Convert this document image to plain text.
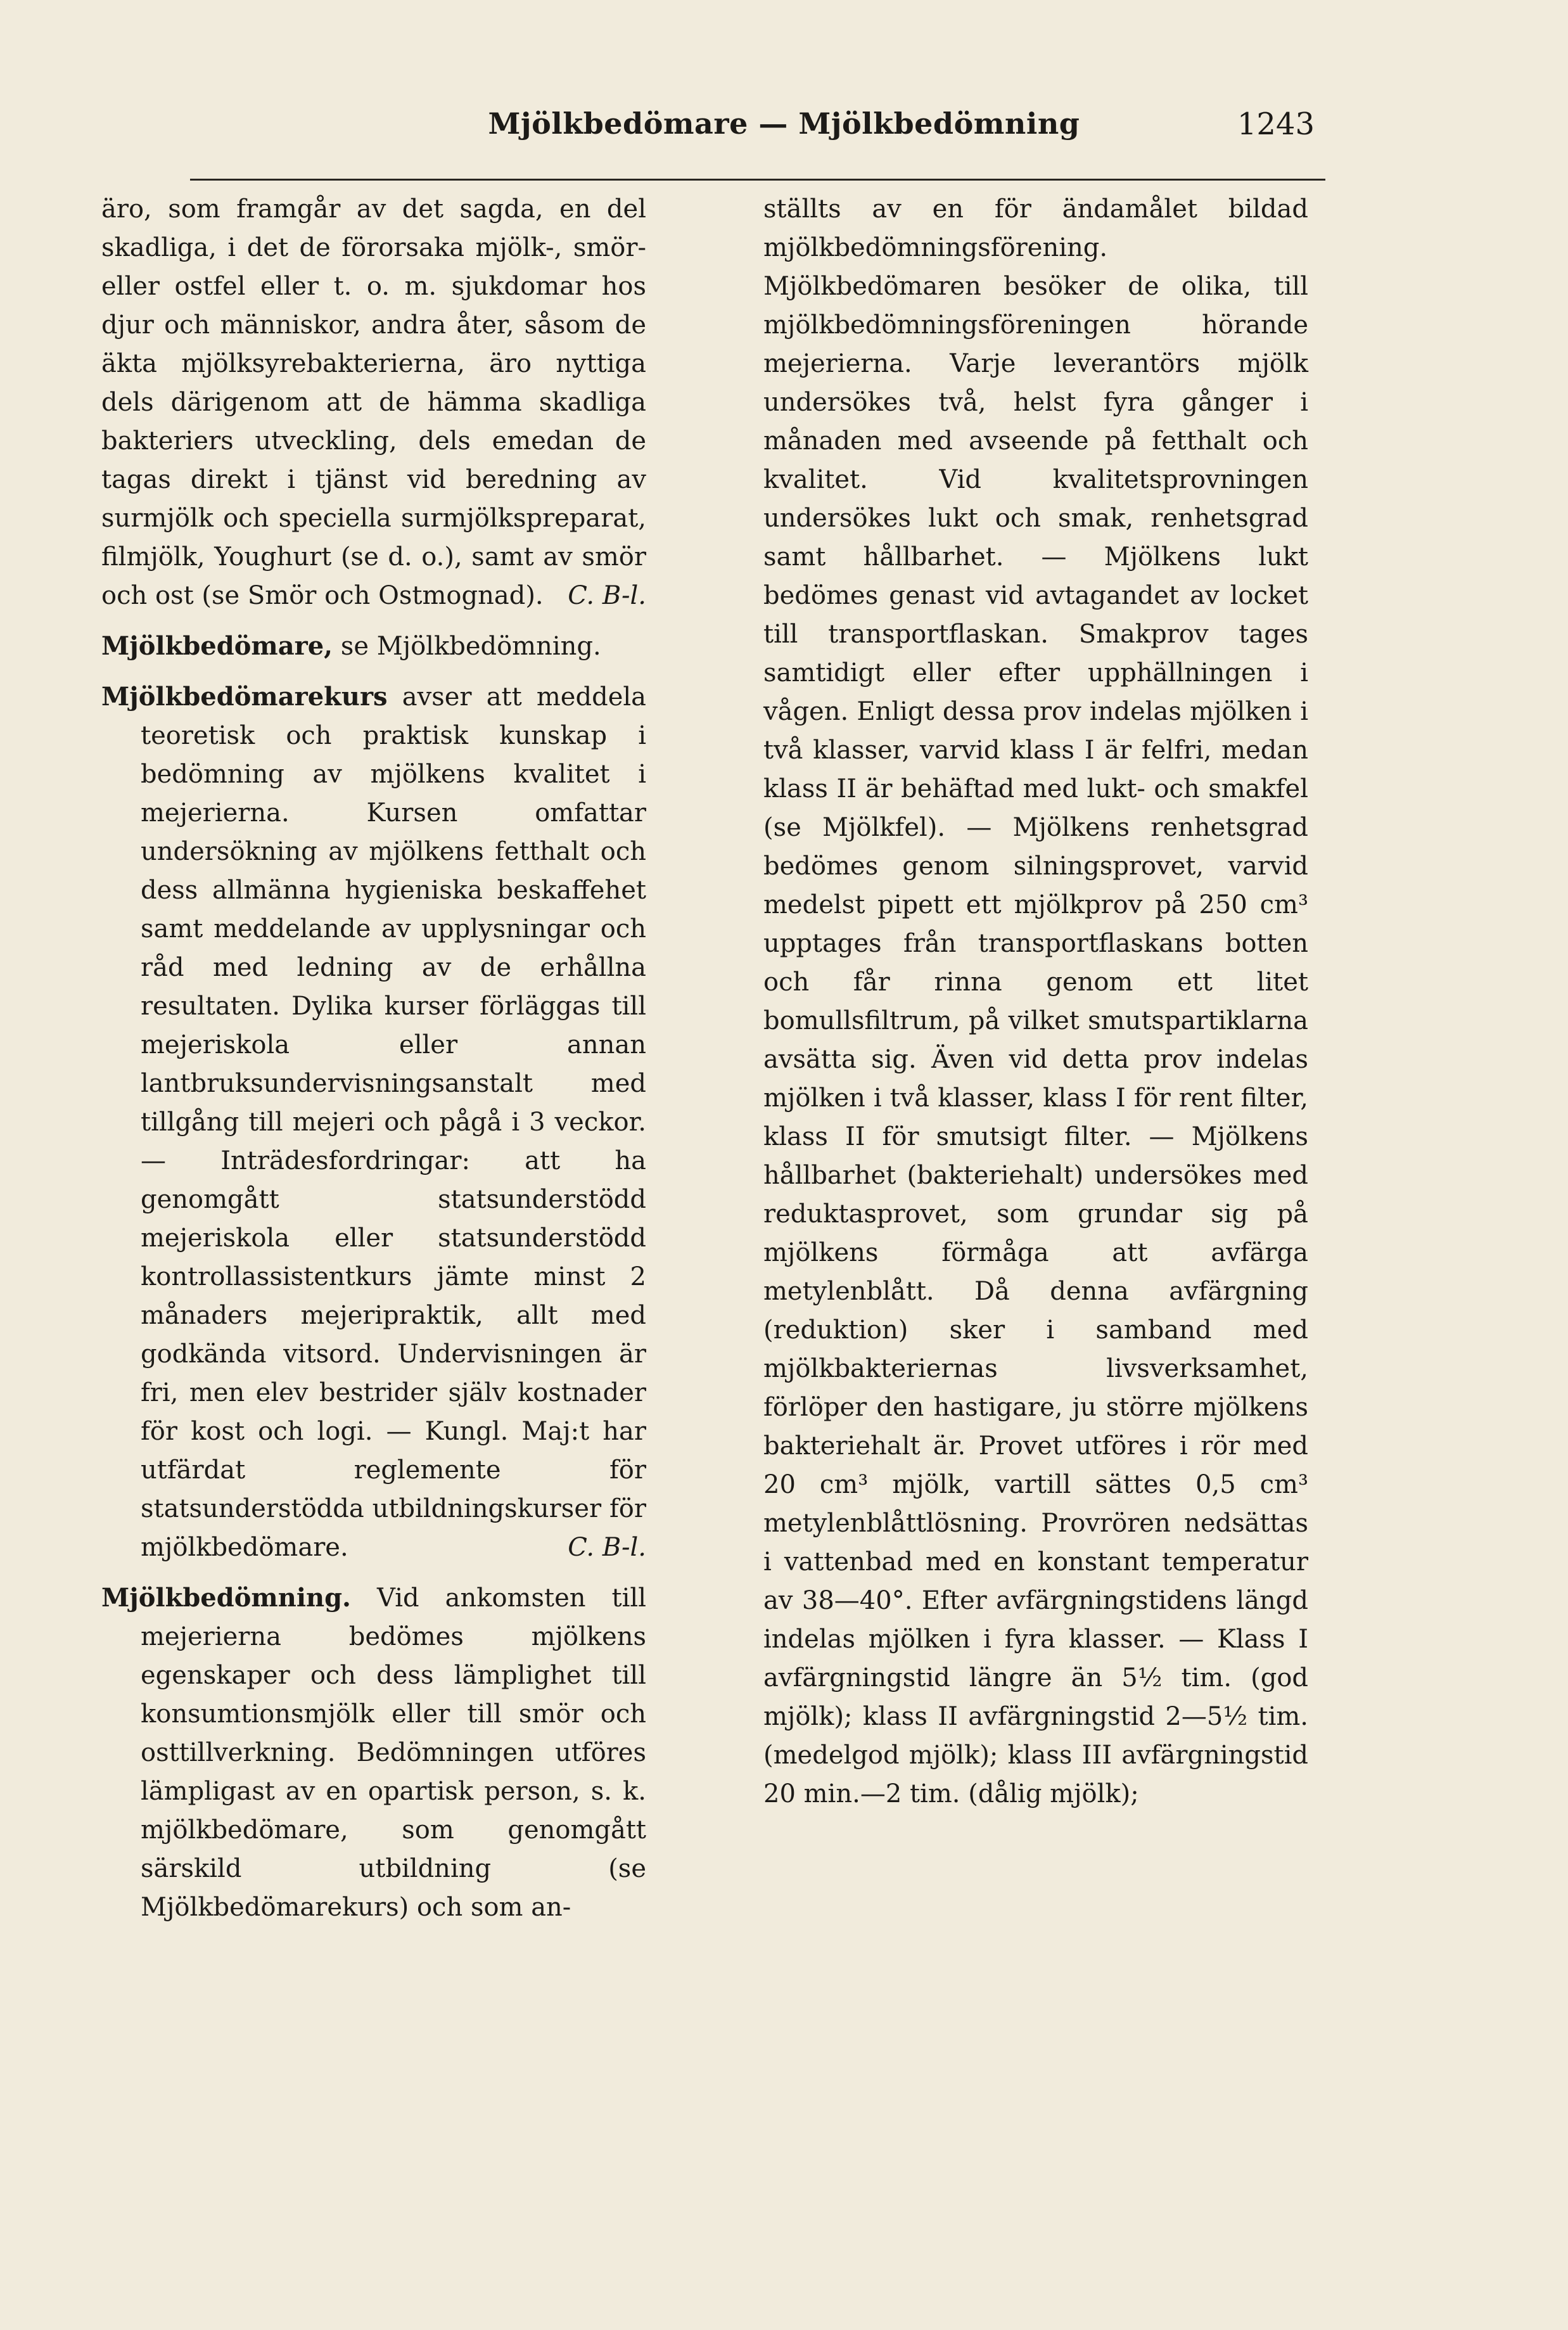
Mjölkbedömare — Mjölkbedömning	1243

äro, som framgår av det sagda, en del skadliga, i det de förorsaka mjölk-, smör- eller ostfel eller t. o. m. sjukdomar hos djur och människor, andra åter, såsom de äkta mjölksyrebakterierna, äro nyttiga dels därigenom att de hämma skadliga bakteriers utveckling, dels emedan de tagas direkt i tjänst vid beredning av surmjölk och speciella surmjölkspreparat, filmjölk, Youghurt (se d. o.), samt av smör och ost (se Smör och Ostmognad). C. B-l.

Mjölkbedömare, se Mjölkbedömning.

Mjölkbedömarekurs avser att meddela teoretisk och praktisk kunskap i bedömning av mjölkens kvalitet i mejerierna. Kursen omfattar undersökning av mjölkens fetthalt och dess allmänna hygieniska beskaffehet samt meddelande av upplysningar och råd med ledning av de erhållna resultaten. Dylika kurser förläggas till mejeriskola eller annan lantbruksundervisningsanstalt med tillgång till mejeri och pågå i 3 veckor. — Inträdesfordringar: att ha genomgått statsunderstödd mejeriskola eller statsunderstödd kontrollassistentkurs jämte minst 2 månaders mejeripraktik, allt med godkända vitsord. Undervisningen är fri, men elev bestrider själv kostnader för kost och logi. — Kungl. Maj:t har utfärdat reglemente för statsunderstödda utbildningskurser för mjölkbedömare.	C. B-l.

Mjölkbedömning. Vid ankomsten till mejerierna bedömes mjölkens egenskaper och dess lämplighet till konsumtionsmjölk eller till smör och osttillverkning. Bedömningen utföres lämpligast av en opartisk person, s. k. mjölkbedömare, som genomgått särskild utbildning (se Mjölkbedömarekurs) och som an-

ställts av en för ändamålet bildad mjölkbedömningsförening. Mjölkbedömaren besöker de olika, till mjölkbedömningsföreningen hörande mejerierna. Varje leverantörs mjölk undersökes två, helst fyra gånger i månaden med avseende på fetthalt och kvalitet. Vid kvalitetsprovningen undersökes lukt och smak, renhetsgrad samt hållbarhet. — Mjölkens lukt bedömes genast vid avtagandet av locket till transportflaskan. Smakprov tages samtidigt eller efter upphällningen i vågen. Enligt dessa prov indelas mjölken i två klasser, varvid klass I är felfri, medan klass II är behäftad med lukt- och smakfel (se Mjölkfel). — Mjölkens renhetsgrad bedömes genom silningsprovet, varvid medelst pipett ett mjölkprov på 250 cm³ upptages från transportflaskans botten och får rinna genom ett litet bomullsfiltrum, på vilket smutspartiklarna avsätta sig. Även vid detta prov indelas mjölken i två klasser, klass I för rent filter, klass II för smutsigt filter. — Mjölkens hållbarhet (bakteriehalt) undersökes med reduktasprovet, som grundar sig på mjölkens förmåga att avfärga metylenblått. Då denna avfärgning (reduktion) sker i samband med mjölkbakteriernas livsverksamhet, förlöper den hastigare, ju större mjölkens bakteriehalt är. Provet utföres i rör med 20 cm³ mjölk, vartill sättes 0,5 cm³ metylenblåttlösning. Provrören nedsättas i vattenbad med en konstant temperatur av 38—40°. Efter avfärgningstidens längd indelas mjölken i fyra klasser. — Klass I avfärgningstid längre än 5½ tim. (god mjölk); klass II avfärgningstid 2—5½ tim. (medelgod mjölk); klass III avfärgningstid 20 min.—2 tim. (dålig mjölk);
